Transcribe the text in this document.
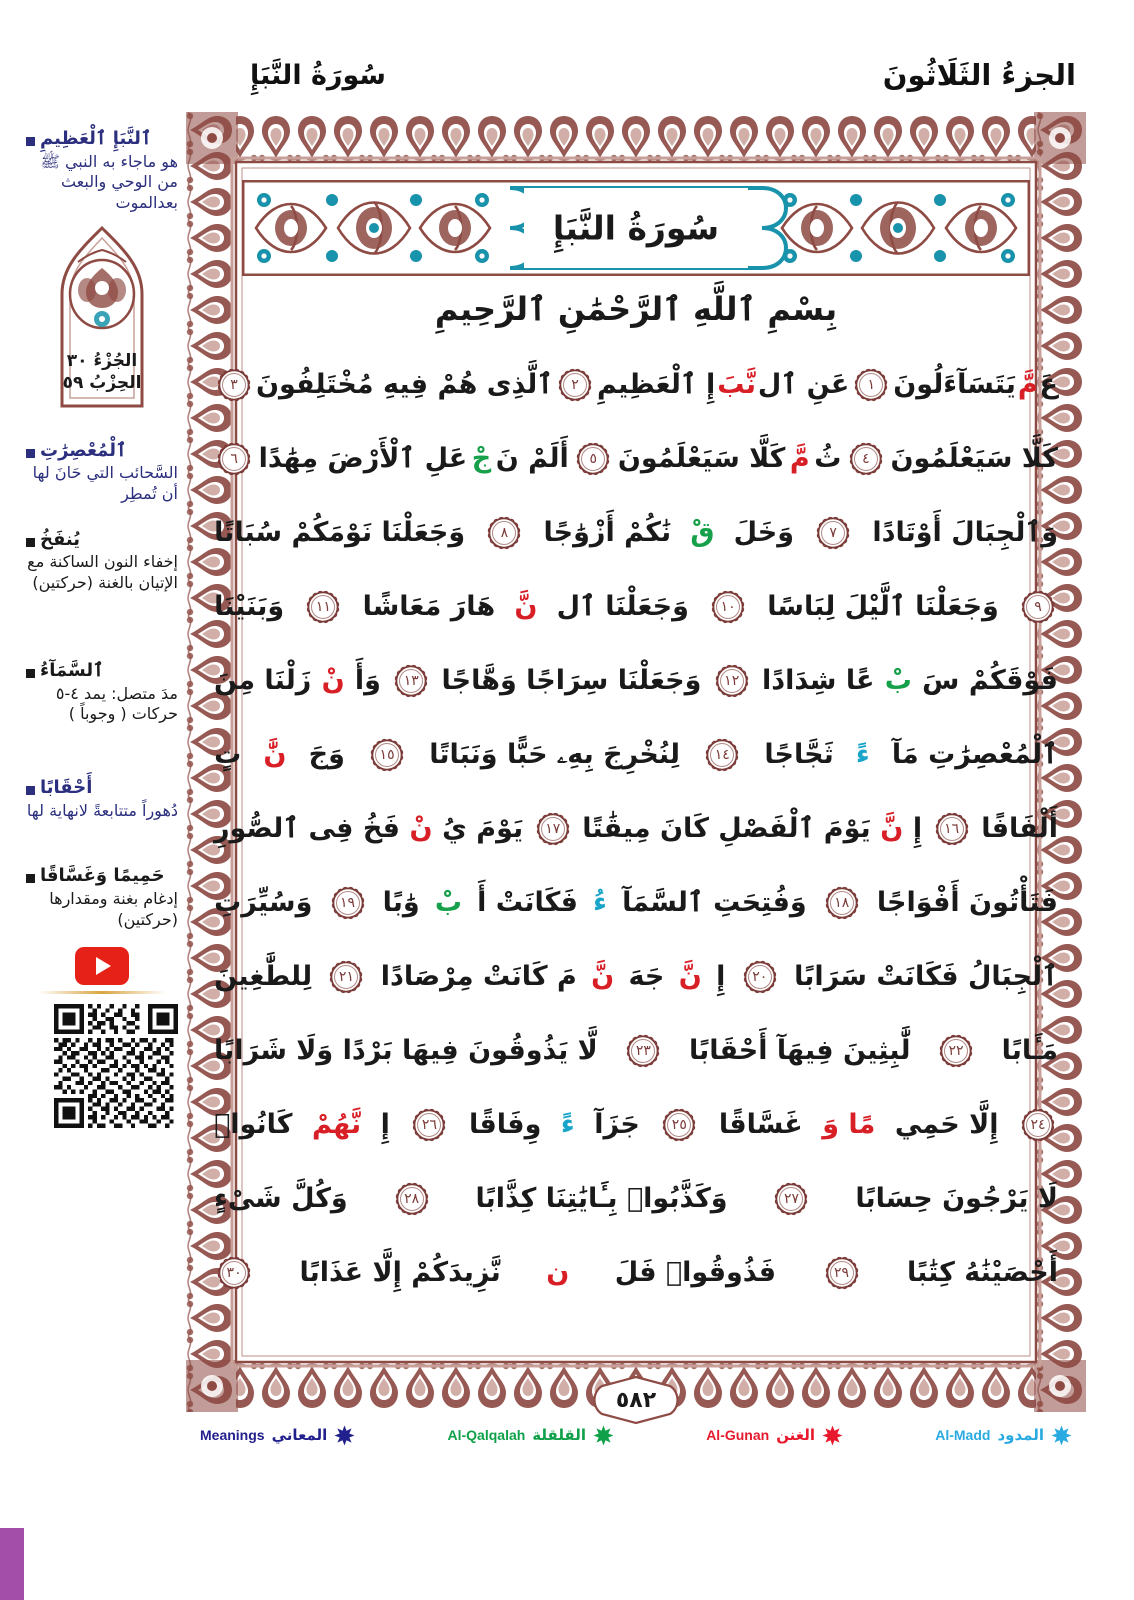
الجزءُ الثَلَاثُونَ
سُورَةُ النَّبَإِ
ٱلنَّبَإِ ٱلْعَظِيمِ
هو ماجاء به النبي ﷺ من الوحي والبعث بعدالموت
الجُزْءُ ٣٠
الحِزْبُ ٥٩
ٱلْمُعْصِرَٰتِ
السَّحائب التي حَانَ لها أن تُمطِر
يُنفَخُ
إخفاء النون الساكنة مع الإتيان بالغنة (حركتين)
ٱلسَّمَآءُ
مدَ متصل: يمد ٤-٥ حركات ( وجوباً )
أَحْقَابًا
دُهوراً متتابعةً لانهاية لها
حَمِيمًا وَغَسَّاقًا
إدغام بغنة ومقدارها (حركتين)
سُورَةُ النَّبَإِ
بِسْمِ ٱللَّهِ ٱلرَّحْمَٰنِ ٱلرَّحِيمِ
عَ
مَّ
يَتَسَآءَلُونَ
١
عَنِ ٱل
نَّبَ
إِ ٱلْعَظِيمِ
٢
ٱلَّذِى هُمْ فِيهِ مُخْتَلِفُونَ
٣
كَلَّا سَيَعْلَمُونَ
٤
ثُ
مَّ
كَلَّا سَيَعْلَمُونَ
٥
أَلَمْ نَ
جْ
عَلِ ٱلْأَرْضَ مِهَٰدًا
٦
وَٱلْجِبَالَ أَوْتَادًا
٧
وَخَلَ
قْ
نَٰكُمْ أَزْوَٰجًا
٨
وَجَعَلْنَا نَوْمَكُمْ سُبَاتًا
٩
وَجَعَلْنَا ٱلَّيْلَ لِبَاسًا
١٠
وَجَعَلْنَا ٱل
نَّ
هَارَ مَعَاشًا
١١
وَبَنَيْنَا
فَوْقَكُمْ سَ
بْ
عًا شِدَادًا
١٢
وَجَعَلْنَا سِرَاجًا وَهَّاجًا
١٣
وَأَ
نْ
زَلْنَا مِنَ
ٱلْمُعْصِرَٰتِ مَآ
ءً
ثَجَّاجًا
١٤
لِنُخْرِجَ بِهِۦ حَبًّا وَنَبَاتًا
١٥
وَجَ
نَّٰ
تٍ
أَلْفَافًا
١٦
إِ
نَّ
يَوْمَ ٱلْفَصْلِ كَانَ مِيقَٰتًا
١٧
يَوْمَ يُ
نْ
فَخُ فِى ٱلصُّورِ
فَتَأْتُونَ أَفْوَاجًا
١٨
وَفُتِحَتِ ٱلسَّمَآ
ءُ
فَكَانَتْ أَ
بْ
وَٰبًا
١٩
وَسُيِّرَتِ
ٱلْجِبَالُ فَكَانَتْ سَرَابًا
٢٠
إِ
نَّ
جَهَ
نَّ
مَ كَانَتْ مِرْصَادًا
٢١
لِلطَّٰغِينَ
مَـَٔابًا
٢٢
لَّٰبِثِينَ فِيهَآ أَحْقَابًا
٢٣
لَّا يَذُوقُونَ فِيهَا بَرْدًا وَلَا شَرَابًا
٢٤
إِلَّا حَمِي
مًا وَ
غَسَّاقًا
٢٥
جَزَآ
ءً
وِفَاقًا
٢٦
إِ
نَّهُمْ
كَانُوا۟
لَا يَرْجُونَ حِسَابًا
٢٧
وَكَذَّبُوا۟ بِـَٔايَٰتِنَا كِذَّابًا
٢٨
وَكُلَّ شَىْءٍ
أَحْصَيْنَٰهُ كِتَٰبًا
٢٩
فَذُوقُوا۟ فَلَ
ن
نَّزِيدَكُمْ إِلَّا عَذَابًا
٣٠
٥٨٢
المدود
Al-Madd
الغنن
Al-Gunan
القلقلة
Al-Qalqalah
المعاني
Meanings
